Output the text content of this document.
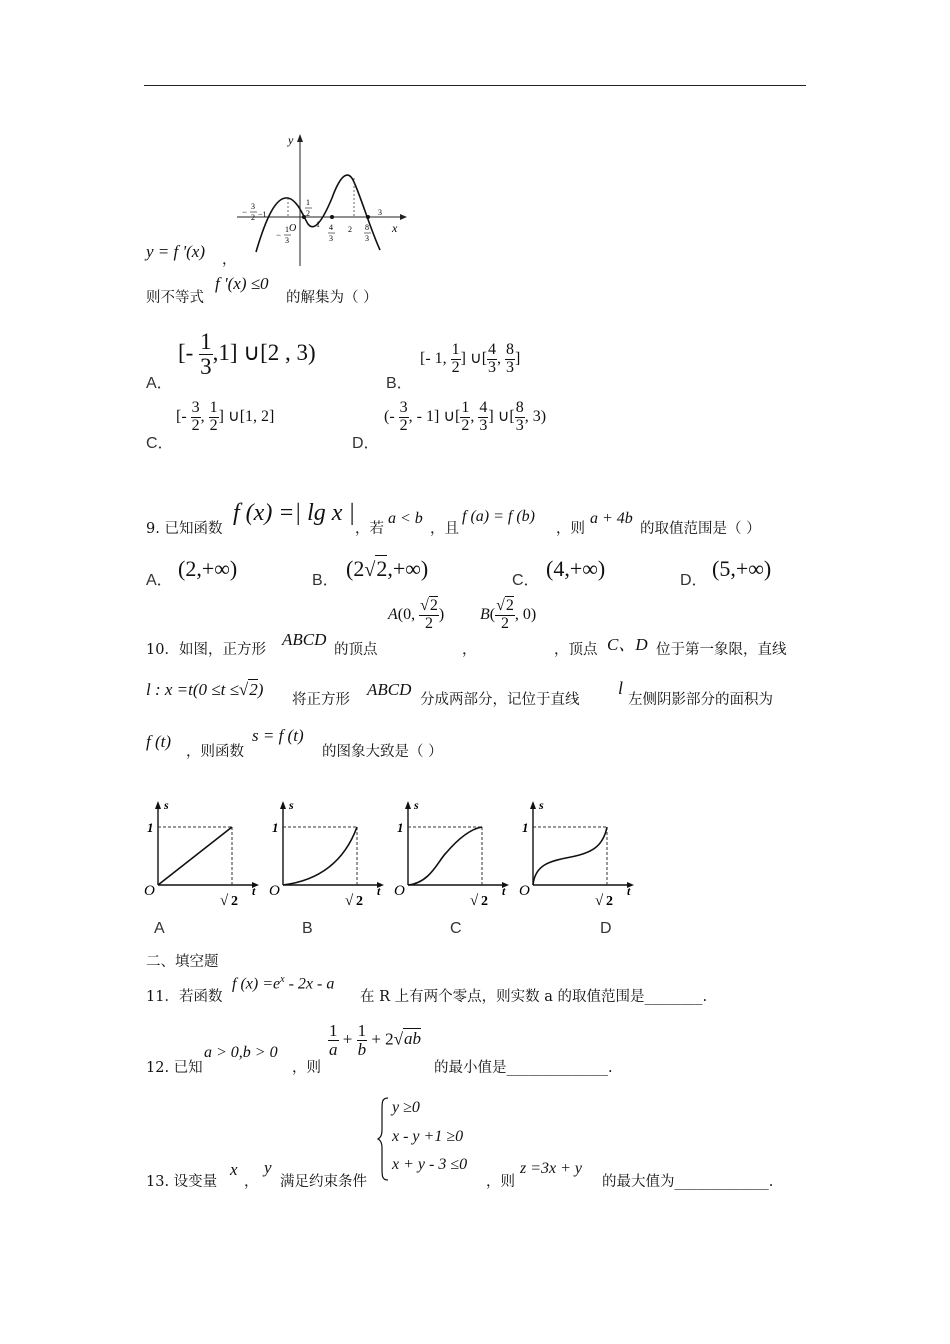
y
x
O
−
3
2 −1
−
1
3
1
2
1 4
3
2 8
3
3
y = f '(x) ，
则不等式
f '(x) ≤0
的解集为（ ）
A．
[- $\frac{1}{3} ,1$] ∪[2 , 3)
B．
[- 1, $\frac{1}{2}$ ] ∪[ $\frac{4}{3}$ , $\frac{8}{3}$ ]
C．
[- $\frac{3}{2}$ , $\frac{1}{2}$ ] ∪[1, 2]
D．
(- $\frac{3}{2}$ , - 1] ∪[ $\frac{1}{2}$ , $\frac{4}{3}$ ] ∪[ $\frac{8}{3}$ , 3)
9. 已知函数
f (x) =| lg x |
，若
a < b
，且
f (a) = f (b)
，则
a + 4b
的取值范围是（ ）
A． (2,+∞)	B． (2√2,+∞)	C． (4,+∞)	D． (5,+∞)
10．如图，正方形
ABCD
的顶点
A(0, $\frac{√2}{2}$ )
，
$B( \frac{√2}{2}$ , 0)
，顶点 C、D 位于第一象限，直线
l : x =t(0 ≤t ≤√2)
将正方形
ABCD
分成两部分，记位于直线
l
左侧阴影部分的面积为
f (t)
，则函数
s = f (t)
的图象大致是（ ）
s
t
O
1
√ 2
s
t
O
1
√ 2
s
t
O
1
√ 2
s
t
O
1
√ 2
A	B	C	D
二、填空题
11．若函数
f $(x) =e^x - 2x - a$
在 R 上有两个零点，则实数 a 的取值范围是________.
12. 已知
a > 0,b > 0
，则
$\frac{1}{a} + \frac{1}{b} + 2√ab$
的最小值是______________.
13. 设变量
x
，
y
满足约束条件
y ≥0
x - y +1 ≥0
x + y - 3 ≤0
，则
z =3x + y
的最大值为_____________.
